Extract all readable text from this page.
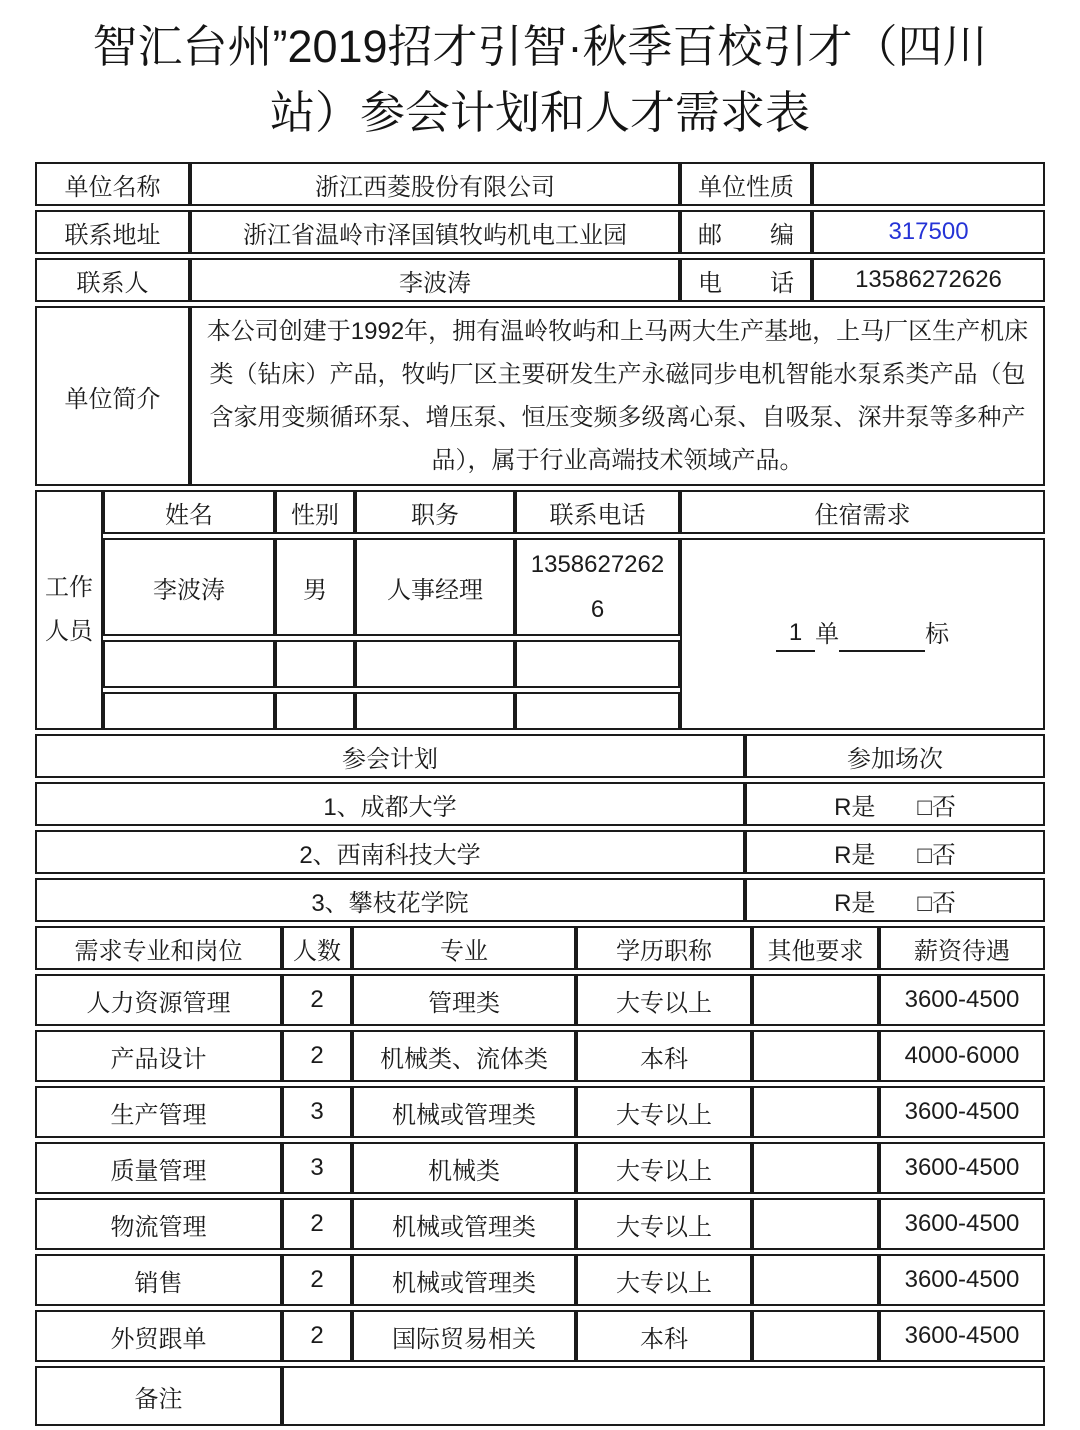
智汇台州”2019招才引智·秋季百校引才（四川站）参会计划和人才需求表
单位名称	浙江西菱股份有限公司	单位性质	
联系地址	浙江省温岭市泽国镇牧屿机电工业园	邮　　编	317500
联系人	李波涛	电　　话	13586272626
单位简介	本公司创建于1992年，拥有温岭牧屿和上马两大生产基地，上马厂区生产机床类（钻床）产品，牧屿厂区主要研发生产永磁同步电机智能水泵系类产品（包含家用变频循环泵、增压泵、恒压变频多级离心泵、自吸泵、深井泵等多种产品），属于行业高端技术领域产品。
工作人员	姓名	性别	职务	联系电话	住宿需求
	李波涛	男	人事经理	13586272626	1 单 标

参会计划	参加场次
1、成都大学	R是 □否
2、西南科技大学	R是 □否
3、攀枝花学院	R是 □否
需求专业和岗位	人数	专业	学历职称	其他要求	薪资待遇
人力资源管理	2	管理类	大专以上		3600-4500
产品设计	2	机械类、流体类	本科		4000-6000
生产管理	3	机械或管理类	大专以上		3600-4500
质量管理	3	机械类	大专以上		3600-4500
物流管理	2	机械或管理类	大专以上		3600-4500
销售	2	机械或管理类	大专以上		3600-4500
外贸跟单	2	国际贸易相关	本科		3600-4500
备注					
